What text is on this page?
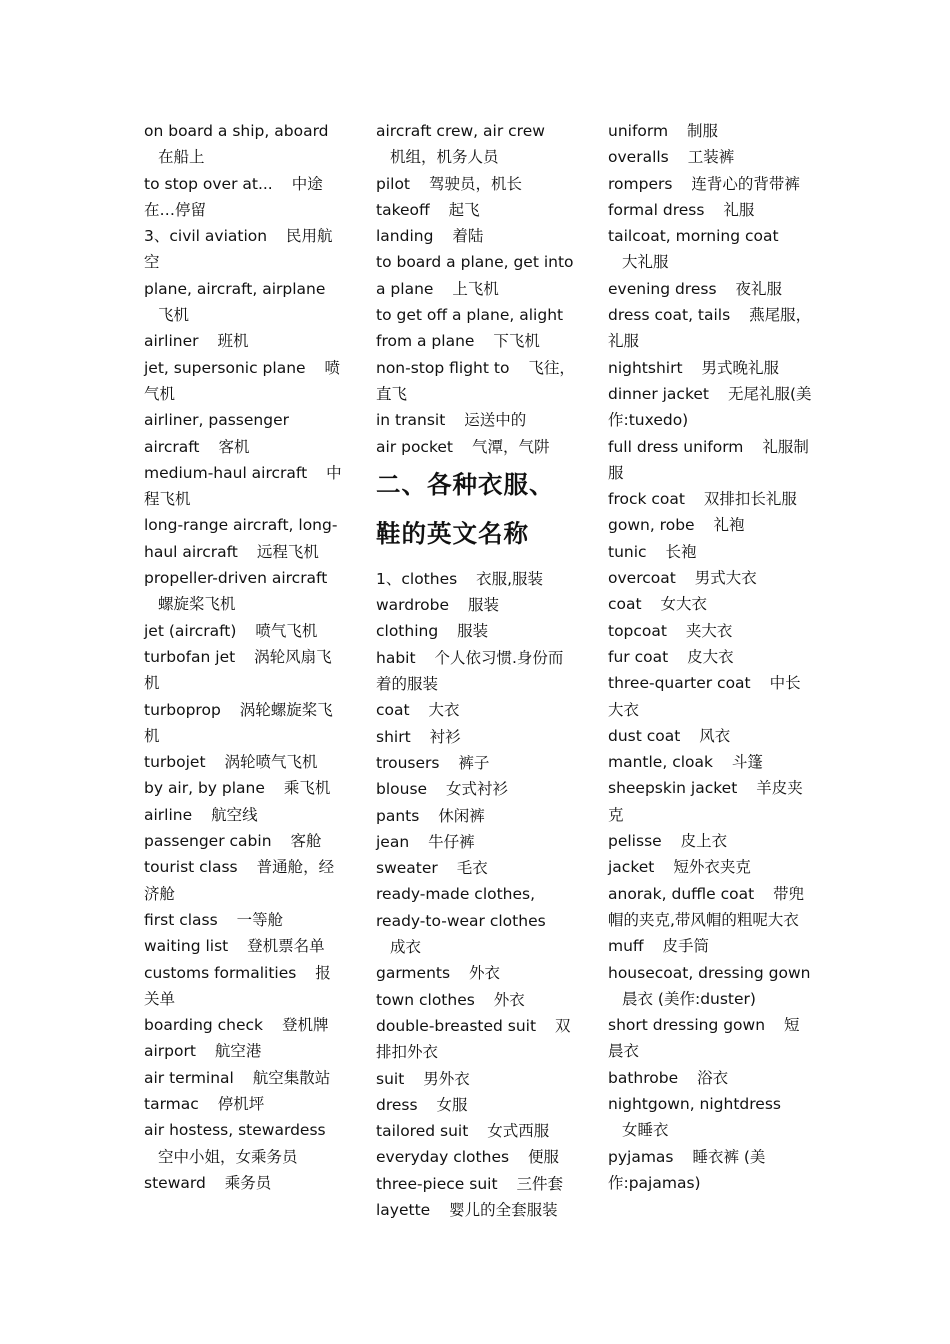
on board a ship, aboard 在船上

to stop over at... 中途在…停留

3、civil aviation 民用航空

plane, aircraft, airplane 飞机

airliner 班机

jet, supersonic plane 喷气机

airliner, passenger aircraft 客机

medium-haul aircraft 中程飞机

long-range aircraft, long-haul aircraft 远程飞机

propeller-driven aircraft 螺旋桨飞机

jet (aircraft) 喷气飞机

turbofan jet 涡轮风扇飞机

turboprop 涡轮螺旋桨飞机

turbojet 涡轮喷气飞机

by air, by plane 乘飞机

airline 航空线

passenger cabin 客舱

tourist class 普通舱，经济舱

first class 一等舱

waiting list 登机票名单

customs formalities 报关单

boarding check 登机牌

airport 航空港

air terminal 航空集散站

tarmac 停机坪

air hostess, stewardess 空中小姐，女乘务员

steward 乘务员

aircraft crew, air crew 机组，机务人员

pilot 驾驶员，机长

takeoff 起飞

landing 着陆

to board a plane, get into a plane 上飞机

to get off a plane, alight from a plane 下飞机

non-stop flight to 飞往，直飞

in transit 运送中的

air pocket 气潭，气阱

二、各种衣服、鞋的英文名称

1、clothes 衣服,服装

wardrobe 服装

clothing 服装

habit 个人依习惯.身份而着的服装

coat 大衣

shirt 衬衫

trousers 裤子

blouse 女式衬衫

pants 休闲裤

jean 牛仔裤

sweater 毛衣

ready-made clothes, ready-to-wear clothes 成衣

garments 外衣

town clothes 外衣

double-breasted suit 双排扣外衣

suit 男外衣

dress 女服

tailored suit 女式西服

everyday clothes 便服

three-piece suit 三件套

layette 婴儿的全套服装

uniform 制服

overalls 工装裤

rompers 连背心的背带裤

formal dress 礼服

tailcoat, morning coat 大礼服

evening dress 夜礼服

dress coat, tails 燕尾服，礼服

nightshirt 男式晚礼服

dinner jacket 无尾礼服(美作:tuxedo)

full dress uniform 礼服制服

frock coat 双排扣长礼服

gown, robe 礼袍

tunic 长袍

overcoat 男式大衣

coat 女大衣

topcoat 夹大衣

fur coat 皮大衣

three-quarter coat 中长大衣

dust coat 风衣

mantle, cloak 斗篷

sheepskin jacket 羊皮夹克

pelisse 皮上衣

jacket 短外衣夹克

anorak, duffle coat 带兜帽的夹克,带风帽的粗呢大衣

muff 皮手筒

housecoat, dressing gown 晨衣 (美作:duster)

short dressing gown 短晨衣

bathrobe 浴衣

nightgown, nightdress 女睡衣

pyjamas 睡衣裤 (美作:pajamas)
